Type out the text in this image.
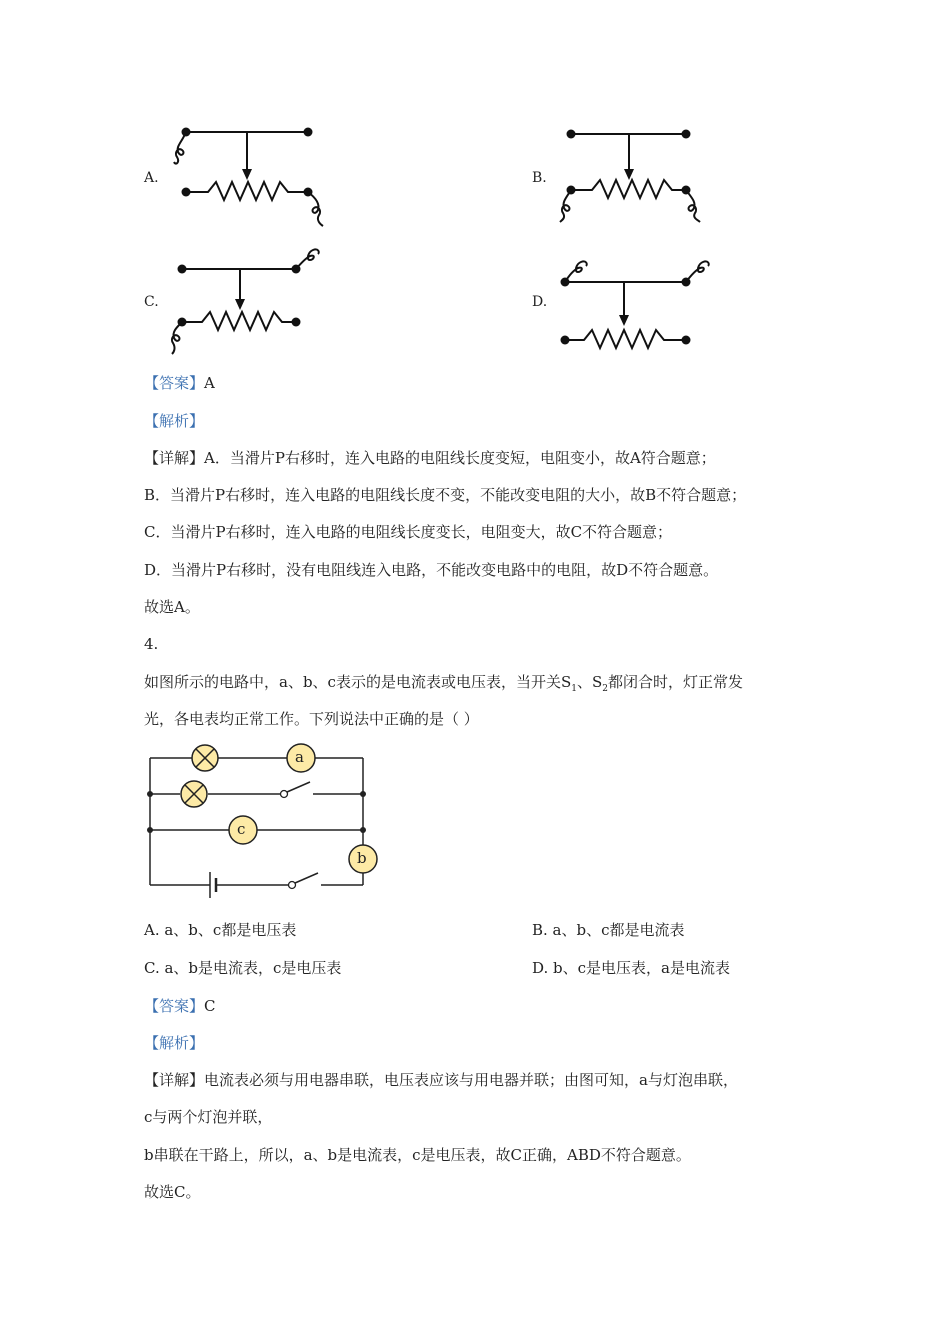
A.	B.
C.	D.
【答案】A
【解析】
【详解】A．当滑片P右移时，连入电路的电阻线长度变短，电阻变小，故A符合题意；
B．当滑片P右移时，连入电路的电阻线长度不变，不能改变电阻的大小，故B不符合题意；
C．当滑片P右移时，连入电路的电阻线长度变长，电阻变大，故C不符合题意；
D．当滑片P右移时，没有电阻线连入电路，不能改变电路中的电阻，故D不符合题意。
故选A。
4.
如图所示的电路中，a、b、c表示的是电流表或电压表，当开关$S_1$、$S_2$都闭合时，灯正常发
光，各电表均正常工作。下列说法中正确的是（ ）
a
c
b
A. a、b、c都是电压表	B. a、b、c都是电流表
C. a、b是电流表，c是电压表	D. b、c是电压表，a是电流表
【答案】C
【解析】
【详解】电流表必须与用电器串联，电压表应该与用电器并联；由图可知，a与灯泡串联，
c与两个灯泡并联，
b串联在干路上，所以，a、b是电流表，c是电压表，故C正确，ABD不符合题意。
故选C。
